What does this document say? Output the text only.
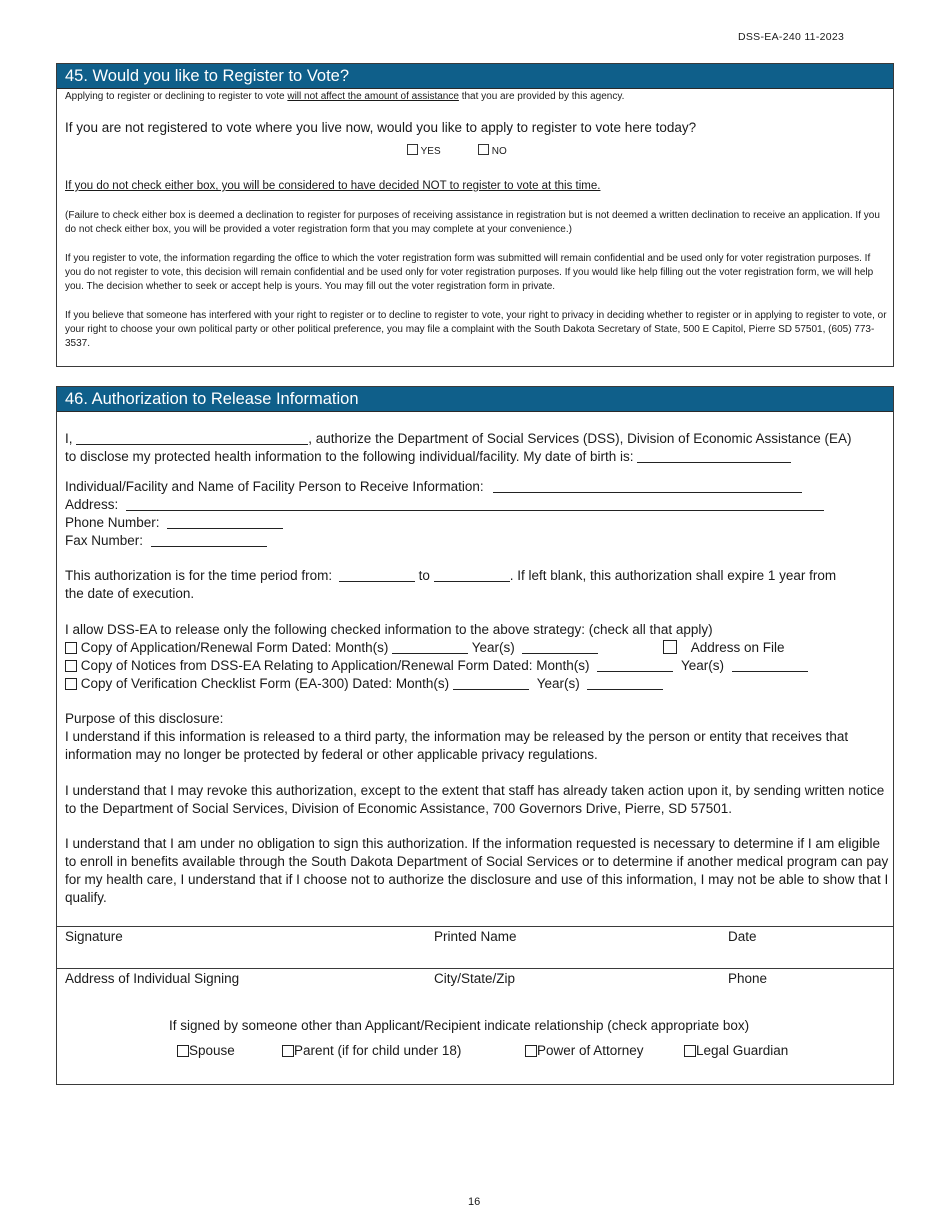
DSS-EA-240 11-2023
45. Would you like to Register to Vote?
Applying to register or declining to register to vote will not affect the amount of assistance that you are provided by this agency.
If you are not registered to vote where you live now, would you like to apply to register to vote here today?
YES	NO
If you do not check either box, you will be considered to have decided NOT to register to vote at this time.

(Failure to check either box is deemed a declination to register for purposes of receiving assistance in registration but is not deemed a written declination to receive an application. If you do not check either box, you will be provided a voter registration form that you may complete at your convenience.)

If you register to vote, the information regarding the office to which the voter registration form was submitted will remain confidential and be used only for voter registration purposes. If you do not register to vote, this decision will remain confidential and be used only for voter registration purposes. If you would like help filling out the voter registration form, we will help you. The decision whether to seek or accept help is yours. You may fill out the voter registration form in private.

If you believe that someone has interfered with your right to register or to decline to register to vote, your right to privacy in deciding whether to register or in applying to register to vote, or your right to choose your own political party or other political preference, you may file a complaint with the South Dakota Secretary of State, 500 E Capitol, Pierre SD 57501, (605) 773-3537.

46. Authorization to Release Information
I,	, authorize the Department of Social Services (DSS), Division of Economic Assistance (EA)
to disclose my protected health information to the following individual/facility. My date of birth is:
Individual/Facility and Name of Facility Person to Receive Information:
Address:
Phone Number:
Fax Number:
This authorization is for the time period from:	to	. If left blank, this authorization shall expire 1 year from
the date of execution.
I allow DSS-EA to release only the following checked information to the above strategy: (check all that apply)
Copy of Application/Renewal Form Dated: Month(s)	Year(s)	Address on File
Copy of Notices from DSS-EA Relating to Application/Renewal Form Dated: Month(s)	Year(s)
Copy of Verification Checklist Form (EA-300) Dated: Month(s)	Year(s)
Purpose of this disclosure:

I understand if this information is released to a third party, the information may be released by the person or entity that receives that information may no longer be protected by federal or other applicable privacy regulations.

I understand that I may revoke this authorization, except to the extent that staff has already taken action upon it, by sending written notice to the Department of Social Services, Division of Economic Assistance, 700 Governors Drive, Pierre, SD 57501.

I understand that I am under no obligation to sign this authorization. If the information requested is necessary to determine if I am eligible to enroll in benefits available through the South Dakota Department of Social Services or to determine if another medical program can pay for my health care, I understand that if I choose not to authorize the disclosure and use of this information, I may not be able to show that I qualify.

Signature	Printed Name	Date
Address of Individual Signing	City/State/Zip	Phone
If signed by someone other than Applicant/Recipient indicate relationship (check appropriate box)
Spouse	Parent (if for child under 18)	Power of Attorney	Legal Guardian
16
